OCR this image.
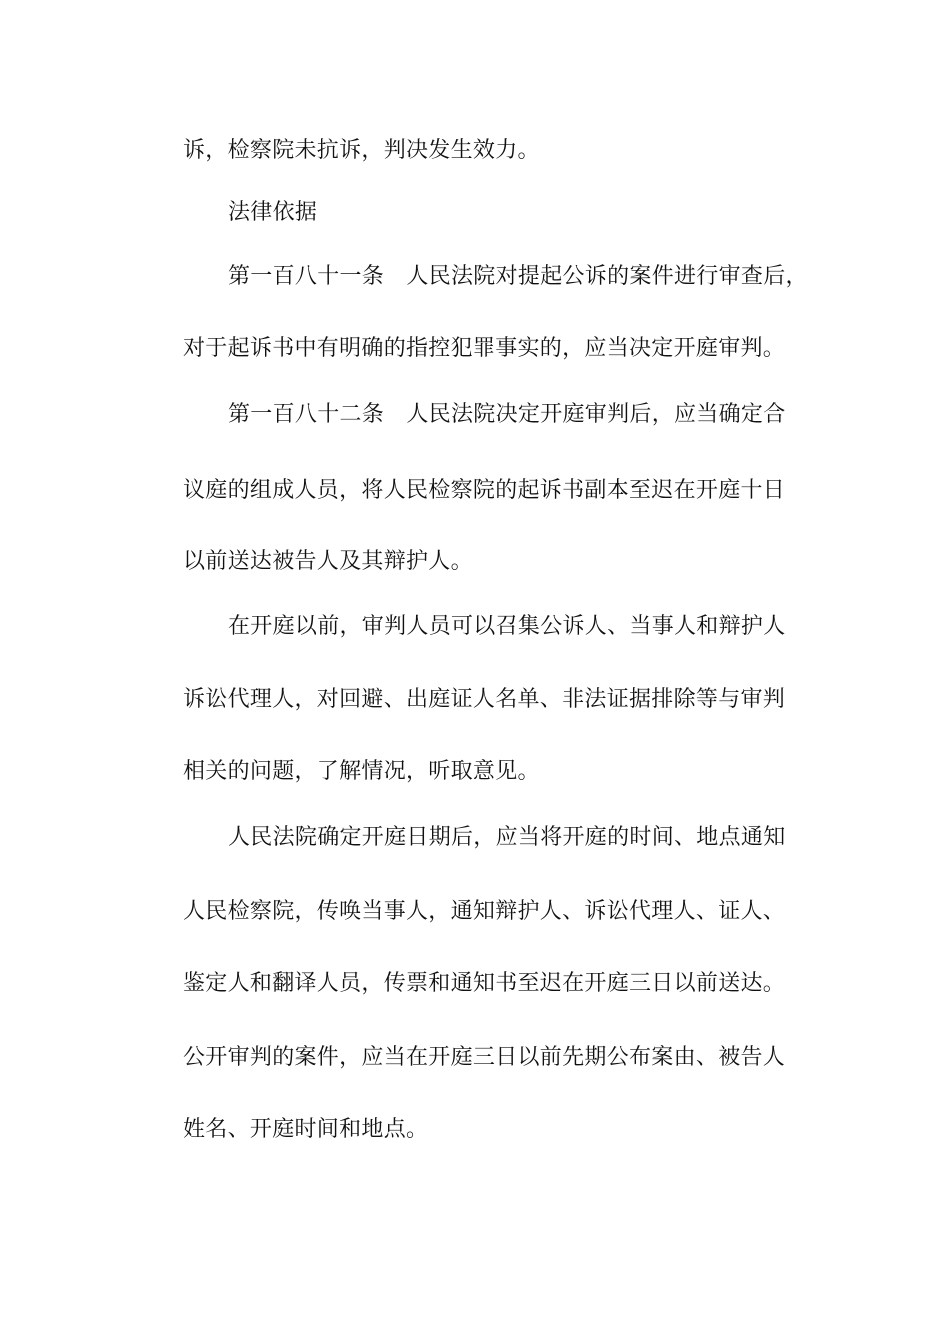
诉，检察院未抗诉，判决发生效力。
法律依据
第一百八十一条　人民法院对提起公诉的案件进行审查后，
对于起诉书中有明确的指控犯罪事实的，应当决定开庭审判。
第一百八十二条　人民法院决定开庭审判后，应当确定合
议庭的组成人员，将人民检察院的起诉书副本至迟在开庭十日
以前送达被告人及其辩护人。
在开庭以前，审判人员可以召集公诉人、当事人和辩护人
诉讼代理人，对回避、出庭证人名单、非法证据排除等与审判
相关的问题，了解情况，听取意见。
人民法院确定开庭日期后，应当将开庭的时间、地点通知
人民检察院，传唤当事人，通知辩护人、诉讼代理人、证人、
鉴定人和翻译人员，传票和通知书至迟在开庭三日以前送达。
公开审判的案件，应当在开庭三日以前先期公布案由、被告人
姓名、开庭时间和地点。
